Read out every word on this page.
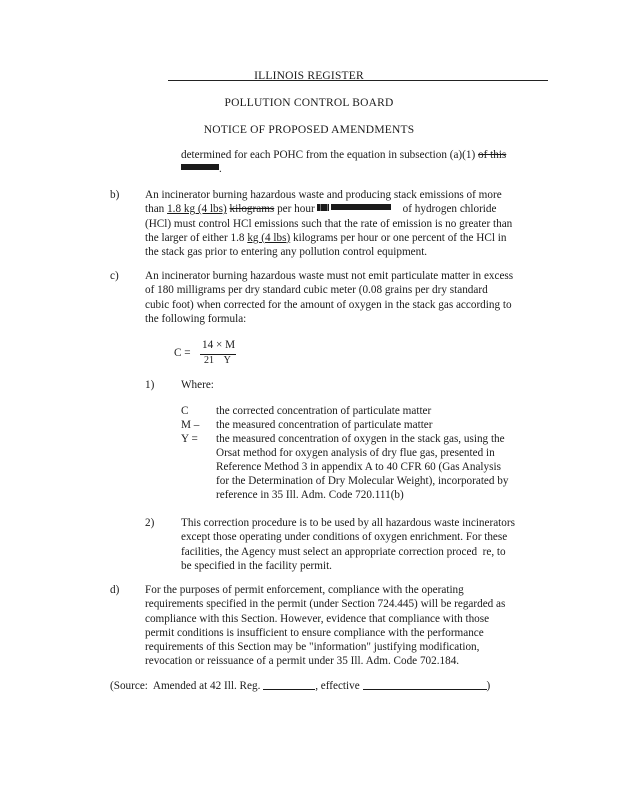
ILLINOIS REGISTER
POLLUTION CONTROL BOARD
NOTICE OF PROPOSED AMENDMENTS
determined for each POHC from the equation in subsection (a)(1) of this
.
b) An incinerator burning hazardous waste and producing stack emissions of more
than 1.8 kg (4 lbs) kilograms per hour	of hydrogen chloride
(HCl) must control HCl emissions such that the rate of emission is no greater than
the larger of either 1.8 kg (4 lbs) kilograms per hour or one percent of the HCl in
the stack gas prior to entering any pollution control equipment.
c) An incinerator burning hazardous waste must not emit particulate matter in excess
of 180 milligrams per dry standard cubic meter (0.08 grains per dry standard
cubic foot) when corrected for the amount of oxygen in the stack gas according to
the following formula:
C =
14 × M
21    Y
1) Where:
C	the corrected concentration of particulate matter
M –	the measured concentration of particulate matter
Y =	the measured concentration of oxygen in the stack gas, using the
Orsat method for oxygen analysis of dry flue gas, presented in
Reference Method 3 in appendix A to 40 CFR 60 (Gas Analysis
for the Determination of Dry Molecular Weight), incorporated by
reference in 35 Ill. Adm. Code 720.111(b)
2) This correction procedure is to be used by all hazardous waste incinerators
except those operating under conditions of oxygen enrichment. For these
facilities, the Agency must select an appropriate correction proced  re, to
be specified in the facility permit.
d) For the purposes of permit enforcement, compliance with the operating
requirements specified in the permit (under Section 724.445) will be regarded as
compliance with this Section. However, evidence that compliance with those
permit conditions is insufficient to ensure compliance with the performance
requirements of this Section may be "information" justifying modification,
revocation or reissuance of a permit under 35 Ill. Adm. Code 702.184.
(Source:  Amended at 42 Ill. Reg.	, effective	)
